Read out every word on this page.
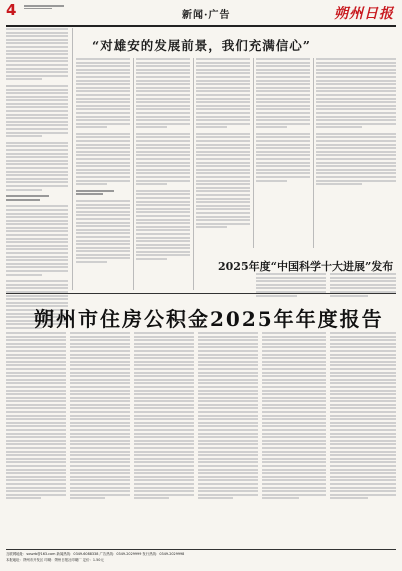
4	新闻·广告	朔州日报
“对雄安的发展前景，我们充满信心”
2025年度“中国科学十大进展”发布
朔州市住房公积金2025年年度报告
互联网地址：sxszrb@163.com 新闻热线：0349-6088338 广告热线：0349-2029999 发行热线：0349-2029998
本报地址：朔州市开发区 印刷：朔州日报社印刷厂 定价：1.50元
